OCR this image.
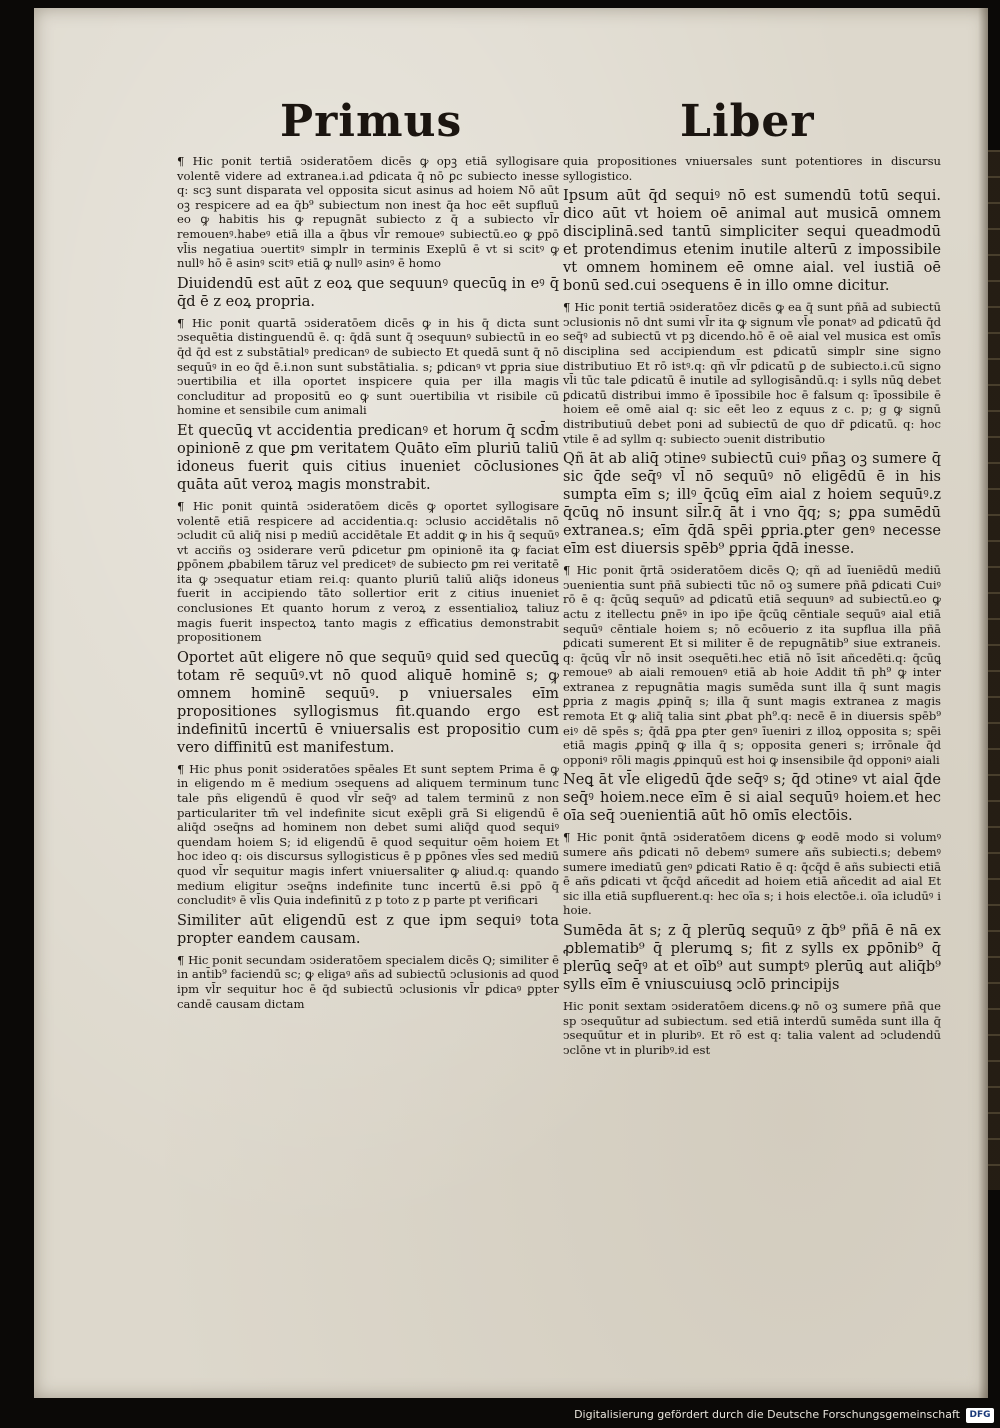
Primus	Liber

¶ Hic ponit tertiā ↄsideratōem dicēs ꝙ opꝫ etiā syllogisare volentē videre ad extranea.i.ad ꝑdicata q̄ nō ꝑc subiecto inesse q: scꝫ sunt disparata vel opposita sicut asinus ad hoiem Nō aūt oꝫ respicere ad ea q̄b⁹ subiectum non inest q̄a hoc eēt supfluū eo ꝙ habitis his ꝙ repugnāt subiecto z q̄ a subiecto vl̄r remouenꝰ.habeꝰ etiā illa a q̄bus vl̄r remoueꝰ subiectū.eo ꝙ ꝑpō vl̄is negatiua ↄuertitꝰ simplr in terminis Exeplū ē vt si scitꝰ ꝙ nullꝰ hō ē asinꝰ scitꝰ etiā ꝙ nullꝰ asinꝰ ē homo

Diuidendū est aūt z eoꝝ que sequunꝰ quecūꝗ in eꝰ q̄ q̄d ē z eoꝝ propria.

¶ Hic ponit quartā ↄsideratōem dicēs ꝙ in his q̄ dicta sunt ↄsequētia distinguendū ē. q: q̄dā sunt q̄ ↄsequunꝰ subiectū in eo q̄d q̄d est z substātialꝰ predicanꝰ de subiecto Et quedā sunt q̄ nō sequūꝰ in eo q̄d ē.i.non sunt substātialia. s; ꝑdicanꝰ vt ꝑpria siue ↄuertibilia et illa oportet inspicere quia per illa magis concluditur ad propositū eo ꝙ sunt ↄuertibilia vt risibile cū homine et sensibile cum animali

Et quecūꝗ vt accidentia predicanꝰ et horum q̄ scd̄m opinionē z que ꝑm veritatem Quāto eīm pluriū taliū idoneus fuerit quis citius inueniet cōclusiones quāta aūt veroꝝ magis monstrabit.

¶ Hic ponit quintā ↄsideratōem dicēs ꝙ oportet syllogisare volentē etiā respicere ad accidentia.q: ↄclusio accidētalis nō ↄcludit cū aliq̄ nisi p mediū accidētale Et addit ꝙ in his q̄ sequūꝰ vt acciñs oꝫ ↄsiderare verū ꝑdicetur ꝑm opinionē ita ꝙ faciat ꝑpōnem ꝓbabilem tāruz vel predicetꝰ de subiecto ꝑm rei veritatē ita ꝙ ↄsequatur etiam rei.q: quanto pluriū taliū aliq̄s idoneus fuerit in accipiendo tāto sollertior erit z citius inueniet conclusiones Et quanto horum z veroꝝ z essentialioꝝ taliuz magis fuerit inspectoꝝ tanto magis z efficatius demonstrabit propositionem

Oportet aūt eligere nō que sequūꝰ quid sed quecūꝗ totam rē sequūꝰ.vt nō quod aliquē hominē s; ꝙ omnem hominē sequūꝰ. p vniuersales eīm propositiones syllogismus fit.quando ergo est indefinitū incertū ē vniuersalis est propositio cum vero diffinitū est manifestum.

¶ Hic phus ponit ↄsideratōes spēales Et sunt septem Prima ē ꝙ in eligendo m ē medium ↄsequens ad aliquem terminum tunc tale pñs eligendū ē quod vl̄r seq̄ꝰ ad talem terminū z non particulariter tm̄ vel indefinite sicut exēpli grā Si eligendū ē aliq̄d ↄseq̄ns ad hominem non debet sumi aliq̄d quod sequiꝰ quendam hoiem S; id eligendū ē quod sequitur oēm hoiem Et hoc ideo q: ois discursus syllogisticus ē p ꝑpōnes vl̄es sed mediū quod vl̄r sequitur magis infert vniuersaliter ꝙ aliud.q: quando medium eligitur ↄseq̄ns indefinite tunc incertū ē.si ꝑpō q̄ concluditꝰ ē vl̄is Quia indefinitū z p toto z p parte pt verificari

Similiter aūt eligendū est z que ipm sequiꝰ tota propter eandem causam.

¶ Hic ponit secundam ↄsideratōem specialem dicēs Q; similiter ē in ant̄ib⁹ faciendū sc; ꝙ eligaꝰ añs ad subiectū ↄclusionis ad quod ipm vl̄r sequitur hoc ē q̄d subiectū ↄclusionis vl̄r ꝑdicaꝰ ꝑpter candē causam dictam

quia propositiones vniuersales sunt potentiores in discursu syllogistico.

Ipsum aūt q̄d sequiꝰ nō est sumendū totū sequi. dico aūt vt hoiem oē animal aut musicā omnem disciplinā.sed tantū simpliciter sequi queadmodū et protendimus etenim inutile alterū z impossibile vt omnem hominem eē omne aial. vel iustiā oē bonū sed.cui ↄsequens ē in illo omne dicitur.

¶ Hic ponit tertiā ↄsideratōez dicēs ꝙ ea q̄ sunt pñā ad subiectū ↄclusionis nō dnt sumi vl̄r ita ꝙ signum vl̄e ponatꝰ ad ꝑdicatū q̄d seq̄ꝰ ad subiectū vt pꝫ dicendo.hō ē oē aial vel musica est omīs disciplina sed accipiendum est ꝑdicatū simplr sine signo distributiuo Et rō istꝰ.q: qñ vl̄r ꝑdicatū ꝑ de subiecto.i.cū signo vl̄i tūc tale ꝑdicatū ē inutile ad syllogisāndū.q: i sylls nūꝗ debet ꝑdicatū distribui immo ē īpossibile hoc ē falsum q: īpossibile ē hoiem eē omē aial q: sic eēt leo z equus z c. p; g ꝙ signū distributiuū debet poni ad subiectū de quo dr̄ ꝑdicatū. q: hoc vtile ē ad syllm q: subiecto ↄuenit distributio

Qñ āt ab aliq̄ ↄtineꝰ subiectū cuiꝰ pñaꝫ oꝫ sumere q̄ sic q̄de seq̄ꝰ vl̄ nō sequūꝰ nō eligēdū ē in his sumpta eīm s; illꝰ q̄cūꝗ eīm aial z hoiem sequūꝰ.z q̄cūꝗ nō insunt sil̄r.q̄ āt i vno q̄q; s; ꝑpa sumēdū extranea.s; eīm q̄dā spēi ꝑpria.ꝑter genꝰ necesse eīm est diuersis spēb⁹ ꝑpria q̄dā inesse.

¶ Hic ponit q̄rtā ↄsideratōem dicēs Q; qñ ad īueniēdū mediū ↄuenientia sunt pñā subiecti tūc nō oꝫ sumere pñā ꝑdicati Cuiꝰ rō ē q: q̄cūꝗ sequūꝰ ad ꝑdicatū etiā sequunꝰ ad subiectū.eo ꝙ actu z itellectu ꝑnēꝰ in ipo ip̄e q̄cūꝗ cēntiale sequūꝰ aial etiā sequūꝰ cēntiale hoiem s; nō ecōuerio z ita supflua illa pñā ꝑdicati sumerent Et si militer ē de repugnātib⁹ siue extraneis. q: q̄cūꝗ vl̄r nō insit ↄsequēti.hec etiā nō īsit añcedēti.q: q̄cūꝗ remoueꝰ ab aiali remouenꝰ etiā ab hoie Addit tn̄ ph⁹ ꝙ inter extranea z repugnātia magis sumēda sunt illa q̄ sunt magis ꝑpria z magis ꝓpinq̄ s; illa q̄ sunt magis extranea z magis remota Et ꝙ aliq̄ talia sint ꝓbat ph⁹.q: necē ē in diuersis spēb⁹ eiꝰ dē spēs s; q̄dā ꝑpa ꝑter genꝰ īueniri z illoꝝ opposita s; spēi etiā magis ꝓpinq̄ ꝙ illa q̄ s; opposita generi s; irrōnale q̄d opponiꝰ rōli magis ꝓpinquū est hoi ꝙ insensibile q̄d opponiꝰ aiali

Neꝗ āt vl̄e eligedū q̄de seq̄ꝰ s; q̄d ↄtineꝰ vt aial q̄de seq̄ꝰ hoiem.nece eīm ē si aial sequūꝰ hoiem.et hec oīa seq̄ ↄuenientiā aūt hō omīs electōis.

¶ Hic ponit q̄ntā ↄsideratōem dicens ꝙ eodē modo si volumꝰ sumere añs ꝑdicati nō debemꝰ sumere añs subiecti.s; debemꝰ sumere imediatū genꝰ ꝑdicati Ratio ē q: q̄cq̄d ē añs subiecti etiā ē añs ꝑdicati vt q̄cq̄d añcedit ad hoiem etiā añcedit ad aial Et sic illa etiā supfluerent.q: hec oīa s; i hois electōe.i. oīa icludūꝰ i hoie.

Sumēda āt s; z q̄ plerūꝗ sequūꝰ z q̄b⁹ pñā ē nā ex ꝓblematib⁹ q̄ plerumꝗ s; fit z sylls ex ꝑpōnib⁹ q̄ plerūꝗ seq̄ꝰ at et oīb⁹ aut sumptꝰ plerūꝗ aut aliq̄b⁹ sylls eīm ē vniuscuiusꝗ ↄclō principijs

Hic ponit sextam ↄsideratōem dicens.ꝙ nō oꝫ sumere pñā que sp ↄsequūtur ad subiectum. sed etiā interdū sumēda sunt illa q̄ ↄsequūtur et in pluribꝰ. Et rō est q: talia valent ad ↄcludendū ↄclōne vt in pluribꝰ.id est

Digitalisierung gefördert durch die Deutsche Forschungsgemeinschaft	DFG
